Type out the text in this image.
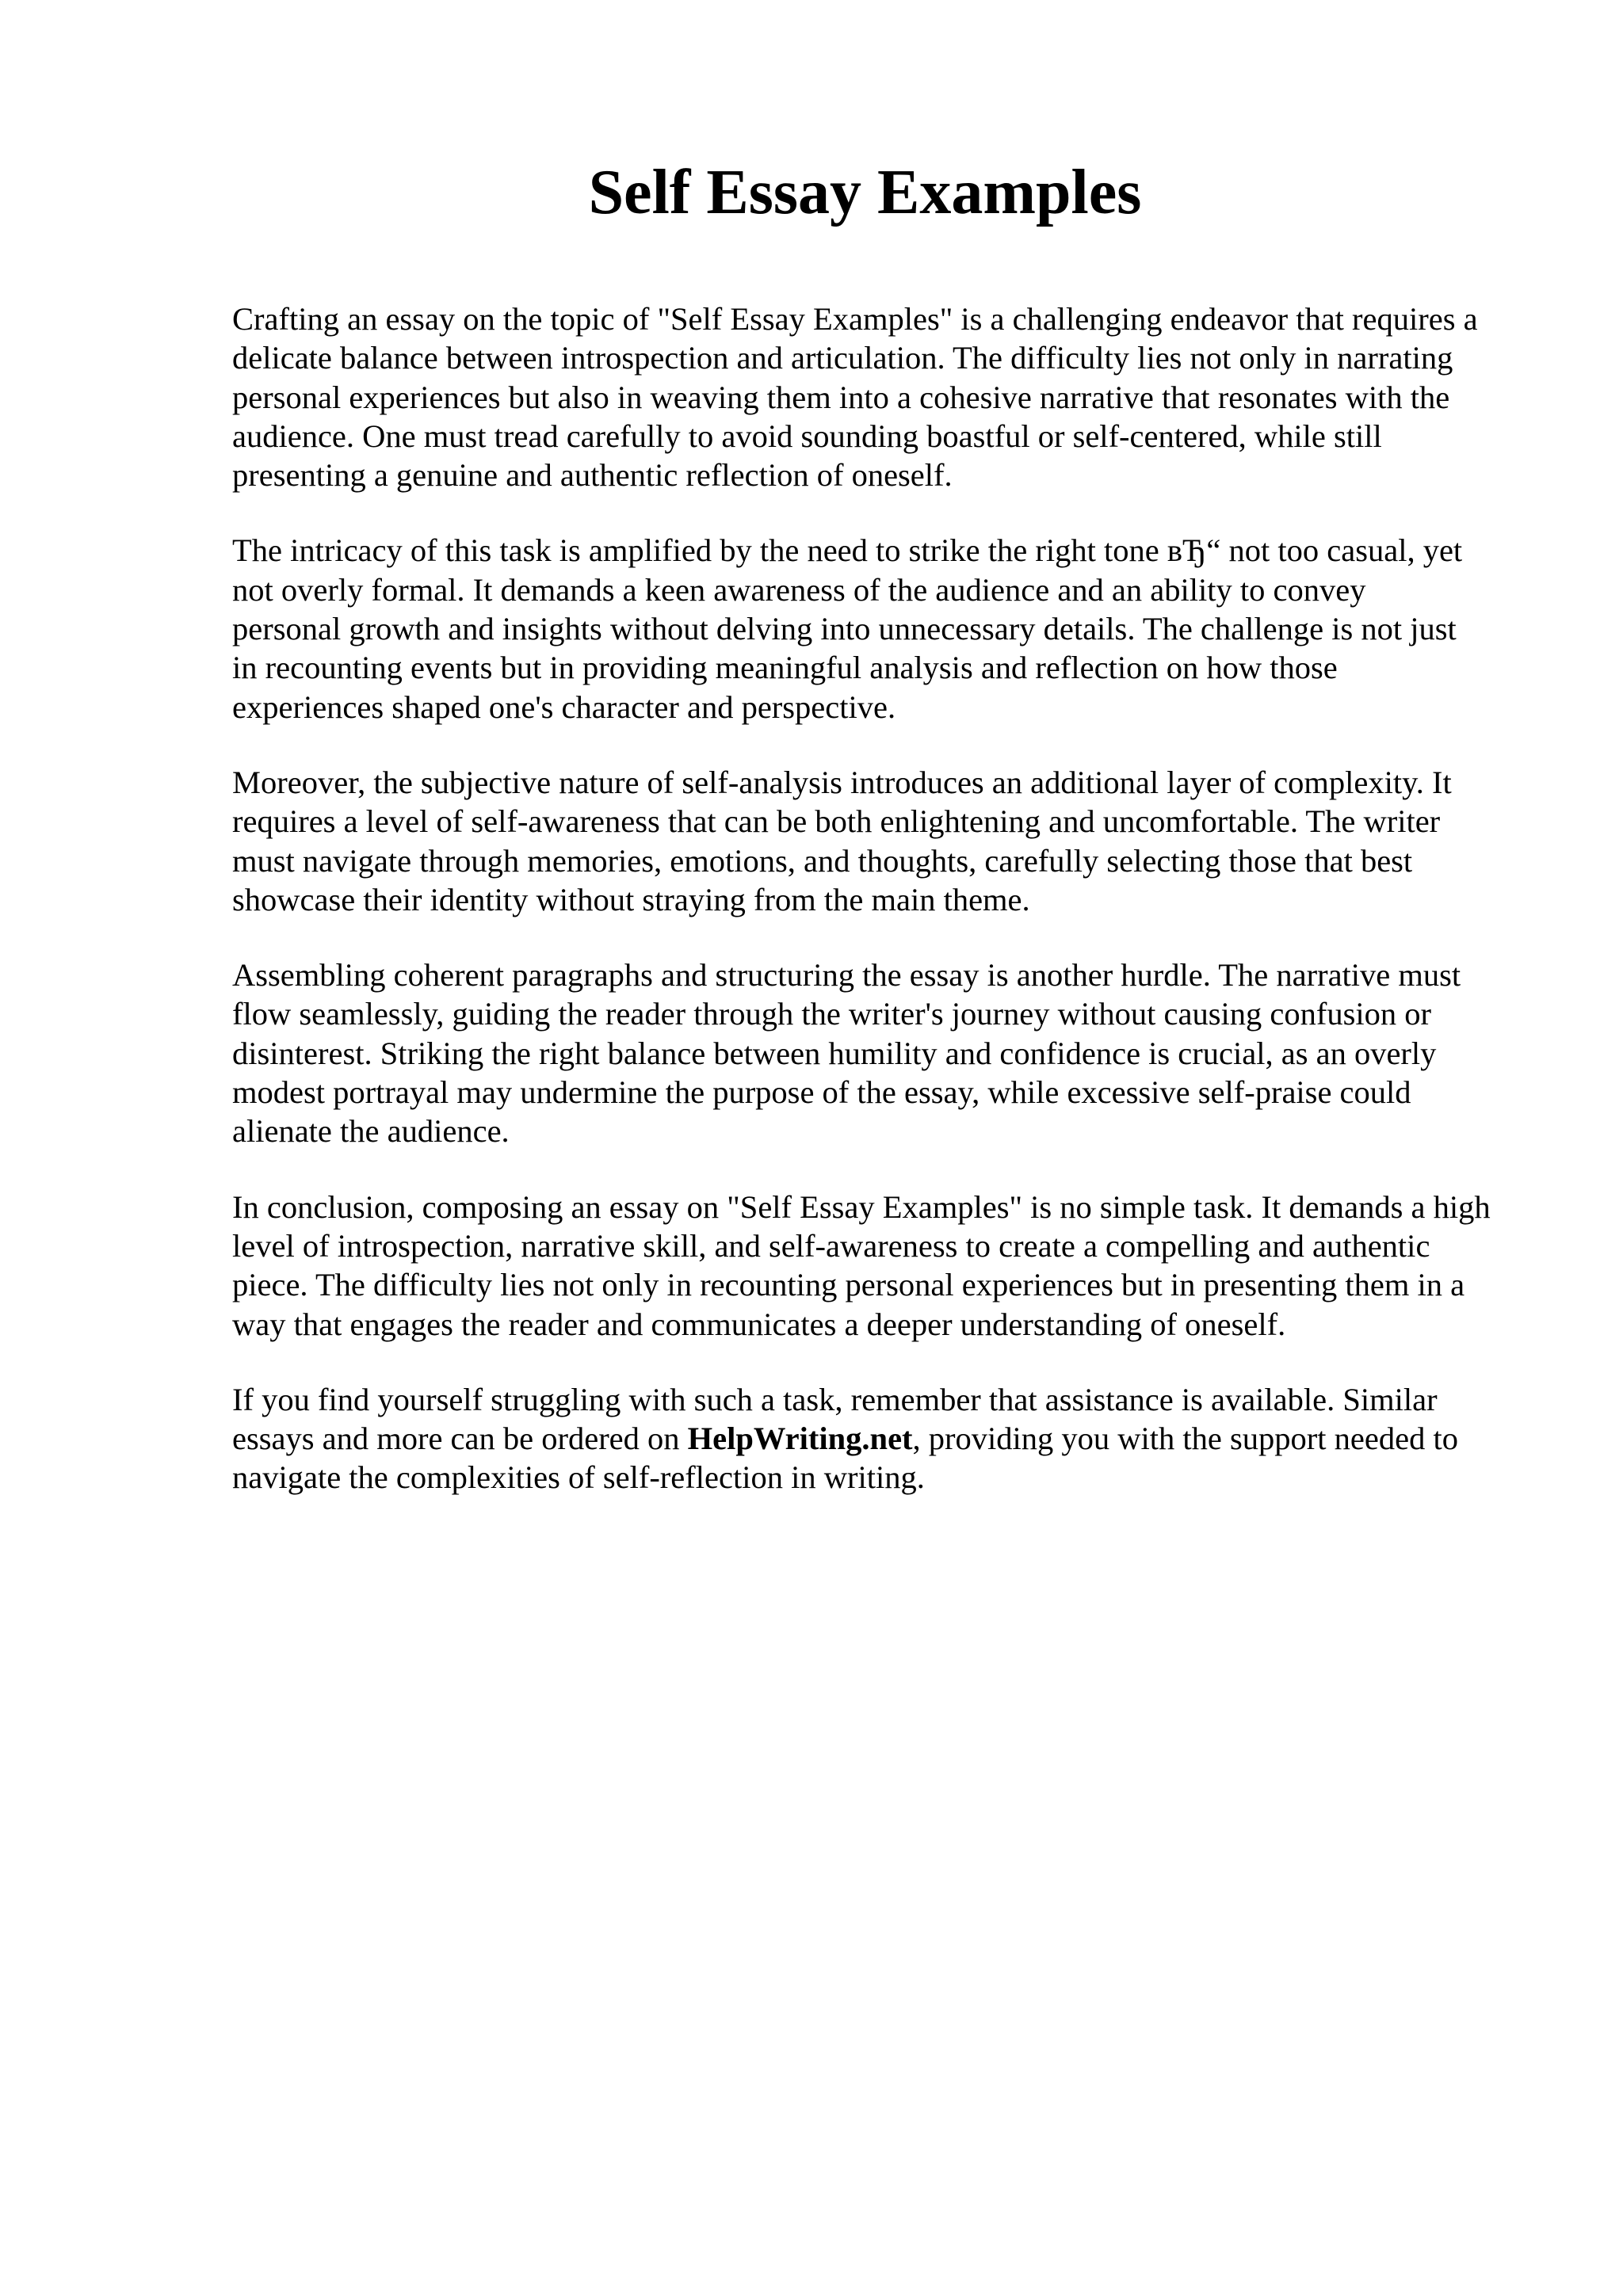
Self Essay Examples

Crafting an essay on the topic of "Self Essay Examples" is a challenging endeavor that requires a
delicate balance between introspection and articulation. The difficulty lies not only in narrating
personal experiences but also in weaving them into a cohesive narrative that resonates with the
audience. One must tread carefully to avoid sounding boastful or self-centered, while still
presenting a genuine and authentic reflection of oneself.

The intricacy of this task is amplified by the need to strike the right tone вЂ“ not too casual, yet
not overly formal. It demands a keen awareness of the audience and an ability to convey
personal growth and insights without delving into unnecessary details. The challenge is not just
in recounting events but in providing meaningful analysis and reflection on how those
experiences shaped one's character and perspective.

Moreover, the subjective nature of self-analysis introduces an additional layer of complexity. It
requires a level of self-awareness that can be both enlightening and uncomfortable. The writer
must navigate through memories, emotions, and thoughts, carefully selecting those that best
showcase their identity without straying from the main theme.

Assembling coherent paragraphs and structuring the essay is another hurdle. The narrative must
flow seamlessly, guiding the reader through the writer's journey without causing confusion or
disinterest. Striking the right balance between humility and confidence is crucial, as an overly
modest portrayal may undermine the purpose of the essay, while excessive self-praise could
alienate the audience.

In conclusion, composing an essay on "Self Essay Examples" is no simple task. It demands a high
level of introspection, narrative skill, and self-awareness to create a compelling and authentic
piece. The difficulty lies not only in recounting personal experiences but in presenting them in a
way that engages the reader and communicates a deeper understanding of oneself.

If you find yourself struggling with such a task, remember that assistance is available. Similar
essays and more can be ordered on HelpWriting.net, providing you with the support needed to
navigate the complexities of self-reflection in writing.
